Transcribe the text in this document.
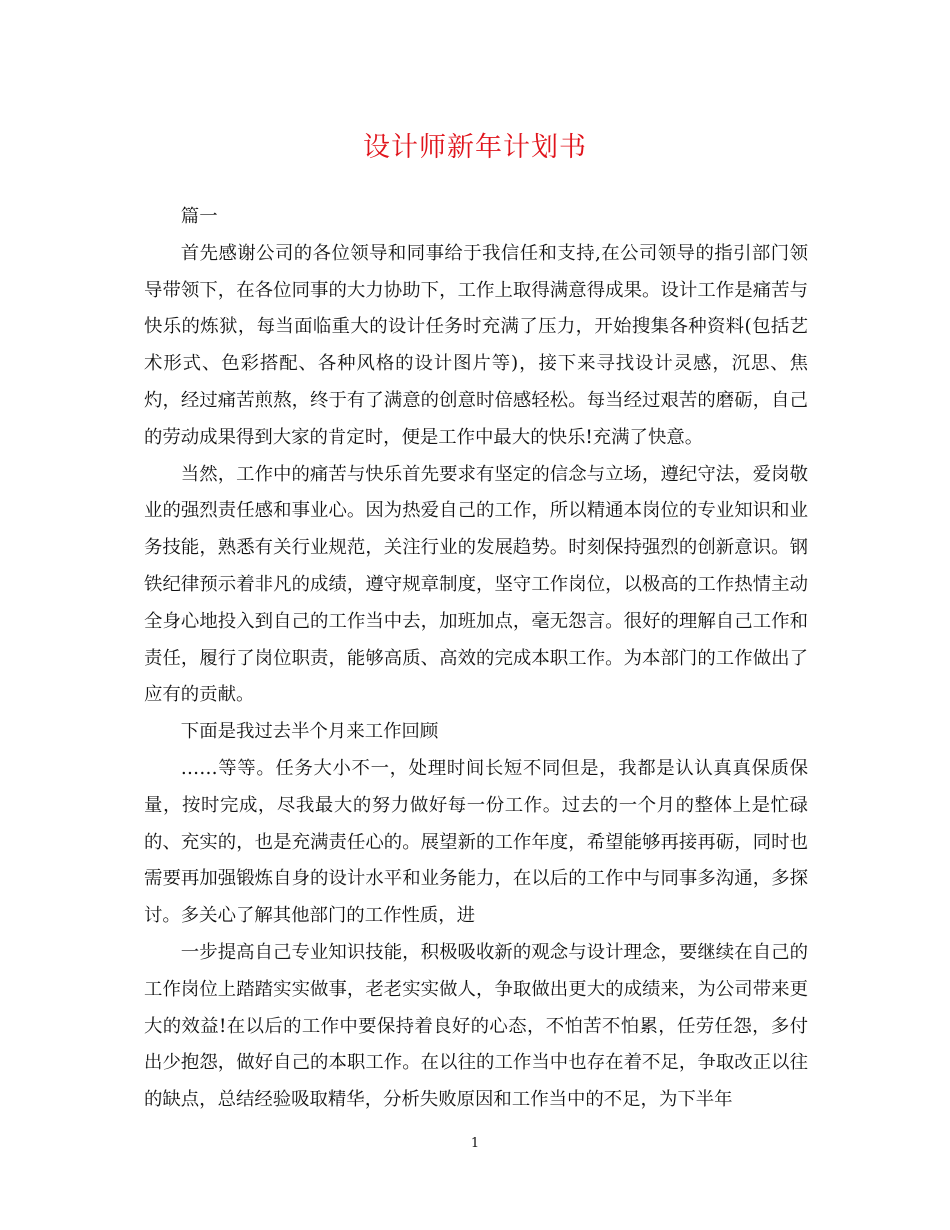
设计师新年计划书

篇一

首先感谢公司的各位领导和同事给于我信任和支持,在公司领导的指引部门领导带领下，在各位同事的大力协助下，工作上取得满意得成果。设计工作是痛苦与快乐的炼狱，每当面临重大的设计任务时充满了压力，开始搜集各种资料(包括艺术形式、色彩搭配、各种风格的设计图片等)，接下来寻找设计灵感，沉思、焦灼，经过痛苦煎熬，终于有了满意的创意时倍感轻松。每当经过艰苦的磨砺，自己的劳动成果得到大家的肯定时，便是工作中最大的快乐!充满了快意。

当然，工作中的痛苦与快乐首先要求有坚定的信念与立场，遵纪守法，爱岗敬业的强烈责任感和事业心。因为热爱自己的工作，所以精通本岗位的专业知识和业务技能，熟悉有关行业规范，关注行业的发展趋势。时刻保持强烈的创新意识。钢铁纪律预示着非凡的成绩，遵守规章制度，坚守工作岗位，以极高的工作热情主动全身心地投入到自己的工作当中去，加班加点，毫无怨言。很好的理解自己工作和责任，履行了岗位职责，能够高质、高效的完成本职工作。为本部门的工作做出了应有的贡献。

下面是我过去半个月来工作回顾

……等等。任务大小不一，处理时间长短不同但是，我都是认认真真保质保量，按时完成，尽我最大的努力做好每一份工作。过去的一个月的整体上是忙碌的、充实的，也是充满责任心的。展望新的工作年度，希望能够再接再砺，同时也需要再加强锻炼自身的设计水平和业务能力，在以后的工作中与同事多沟通，多探讨。多关心了解其他部门的工作性质，进

一步提高自己专业知识技能，积极吸收新的观念与设计理念，要继续在自己的工作岗位上踏踏实实做事，老老实实做人，争取做出更大的成绩来，为公司带来更大的效益!在以后的工作中要保持着良好的心态，不怕苦不怕累，任劳任怨，多付出少抱怨，做好自己的本职工作。在以往的工作当中也存在着不足，争取改正以往的缺点，总结经验吸取精华，分析失败原因和工作当中的不足，为下半年

1
